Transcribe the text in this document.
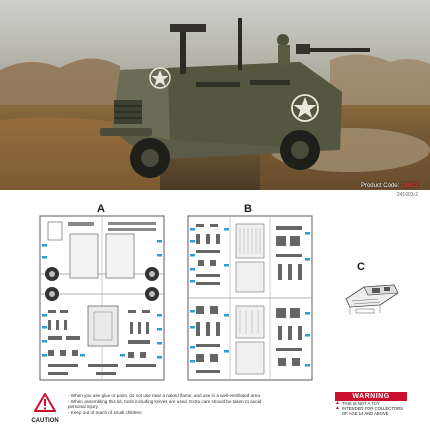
Product Code: 28003
241003-2
A	B
C
CAUTION
- When you use glue or paint, do not use near a naked flame, and use in a well-ventilated area.
- When assembling this kit, tools including knives are used. Extra care should be taken to avoid
personal injury.
- Keep out of reach of small children.
WARNING
▲ THIS IS NOT A TOY
▲ INTENDED FOR COLLECTORS
OF AGE 14 AND ABOVE
